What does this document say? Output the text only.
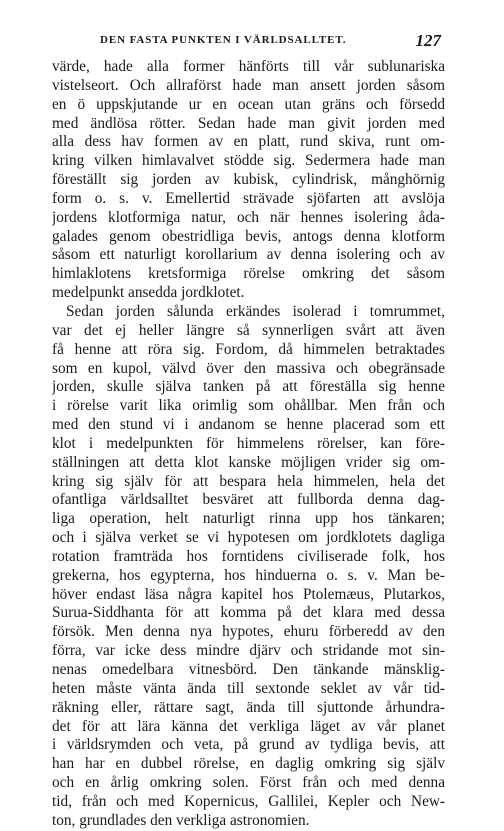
DEN FASTA PUNKTEN I VÄRLDSALLTET.	127
värde, hade alla former hänförts till vår sublunariska
vistelseort. Och allraförst hade man ansett jorden såsom
en ö uppskjutande ur en ocean utan gräns och försedd
med ändlösa rötter. Sedan hade man givit jorden med
alla dess hav formen av en platt, rund skiva, runt om-
kring vilken himlavalvet stödde sig. Sedermera hade man
föreställt sig jorden av kubisk, cylindrisk, månghörnig
form o. s. v. Emellertid strävade sjöfarten att avslöja
jordens klotformiga natur, och när hennes isolering åda-
galades genom obestridliga bevis, antogs denna klotform
såsom ett naturligt korollarium av denna isolering och av
himlaklotens kretsformiga rörelse omkring det såsom
medelpunkt ansedda jordklotet.
Sedan jorden sålunda erkändes isolerad i tomrummet,
var det ej heller längre så synnerligen svårt att även
få henne att röra sig. Fordom, då himmelen betraktades
som en kupol, välvd över den massiva och obegränsade
jorden, skulle själva tanken på att föreställa sig henne
i rörelse varit lika orimlig som ohållbar. Men från och
med den stund vi i andanom se henne placerad som ett
klot i medelpunkten för himmelens rörelser, kan före-
ställningen att detta klot kanske möjligen vrider sig om-
kring sig själv för att bespara hela himmelen, hela det
ofantliga världsalltet besväret att fullborda denna dag-
liga operation, helt naturligt rinna upp hos tänkaren;
och i själva verket se vi hypotesen om jordklotets dagliga
rotation framträda hos forntidens civiliserade folk, hos
grekerna, hos egypterna, hos hinduerna o. s. v. Man be-
höver endast läsa några kapitel hos Ptolemæus, Plutarkos,
Surua-Siddhanta för att komma på det klara med dessa
försök. Men denna nya hypotes, ehuru förberedd av den
förra, var icke dess mindre djärv och stridande mot sin-
nenas omedelbara vitnesbörd. Den tänkande mänsklig-
heten måste vänta ända till sextonde seklet av vår tid-
räkning eller, rättare sagt, ända till sjuttonde århundra-
det för att lära känna det verkliga läget av vår planet
i världsrymden och veta, på grund av tydliga bevis, att
han har en dubbel rörelse, en daglig omkring sig själv
och en årlig omkring solen. Först från och med denna
tid, från och med Kopernicus, Gallilei, Kepler och New-
ton, grundlades den verkliga astronomien.
